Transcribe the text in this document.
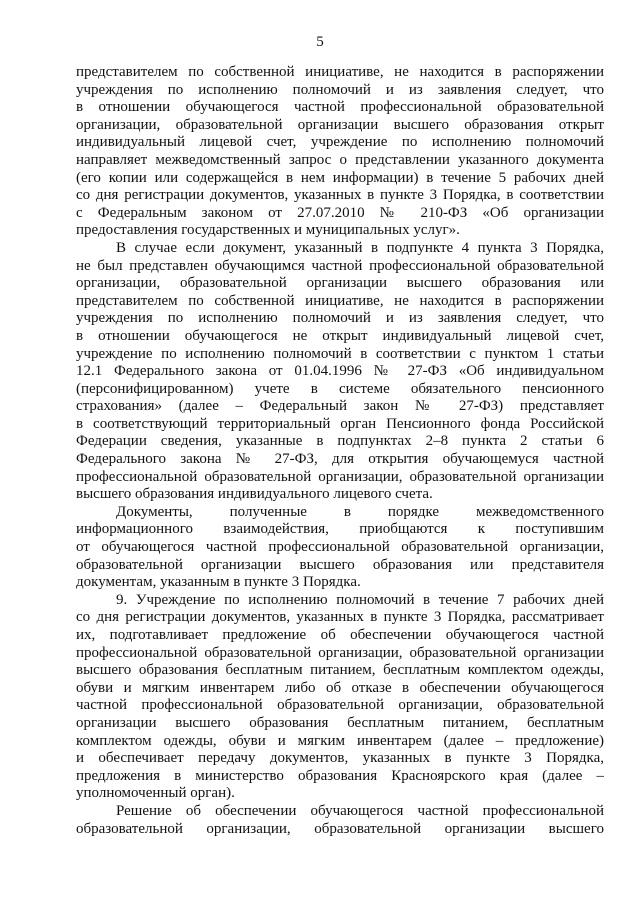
5
представителем по собственной инициативе, не находится в распоряжении
учреждения по исполнению полномочий и из заявления следует, что
в отношении обучающегося частной профессиональной образовательной
организации, образовательной организации высшего образования открыт
индивидуальный лицевой счет, учреждение по исполнению полномочий
направляет межведомственный запрос о представлении указанного документа
(его копии или содержащейся в нем информации) в течение 5 рабочих дней
со дня регистрации документов, указанных в пункте 3 Порядка, в соответствии
с Федеральным законом от 27.07.2010 № 210-ФЗ «Об организации
предоставления государственных и муниципальных услуг».
В случае если документ, указанный в подпункте 4 пункта 3 Порядка,
не был представлен обучающимся частной профессиональной образовательной
организации, образовательной организации высшего образования или
представителем по собственной инициативе, не находится в распоряжении
учреждения по исполнению полномочий и из заявления следует, что
в отношении обучающегося не открыт индивидуальный лицевой счет,
учреждение по исполнению полномочий в соответствии с пунктом 1 статьи
12.1 Федерального закона от 01.04.1996 № 27-ФЗ «Об индивидуальном
(персонифицированном) учете в системе обязательного пенсионного
страхования» (далее – Федеральный закон № 27-ФЗ) представляет
в соответствующий территориальный орган Пенсионного фонда Российской
Федерации сведения, указанные в подпунктах 2–8 пункта 2 статьи 6
Федерального закона № 27-ФЗ, для открытия обучающемуся частной
профессиональной образовательной организации, образовательной организации
высшего образования индивидуального лицевого счета.
Документы, полученные в порядке межведомственного
информационного взаимодействия, приобщаются к поступившим
от обучающегося частной профессиональной образовательной организации,
образовательной организации высшего образования или представителя
документам, указанным в пункте 3 Порядка.
9. Учреждение по исполнению полномочий в течение 7 рабочих дней
со дня регистрации документов, указанных в пункте 3 Порядка, рассматривает
их, подготавливает предложение об обеспечении обучающегося частной
профессиональной образовательной организации, образовательной организации
высшего образования бесплатным питанием, бесплатным комплектом одежды,
обуви и мягким инвентарем либо об отказе в обеспечении обучающегося
частной профессиональной образовательной организации, образовательной
организации высшего образования бесплатным питанием, бесплатным
комплектом одежды, обуви и мягким инвентарем (далее – предложение)
и обеспечивает передачу документов, указанных в пункте 3 Порядка,
предложения в министерство образования Красноярского края (далее –
уполномоченный орган).
Решение об обеспечении обучающегося частной профессиональной
образовательной организации, образовательной организации высшего
